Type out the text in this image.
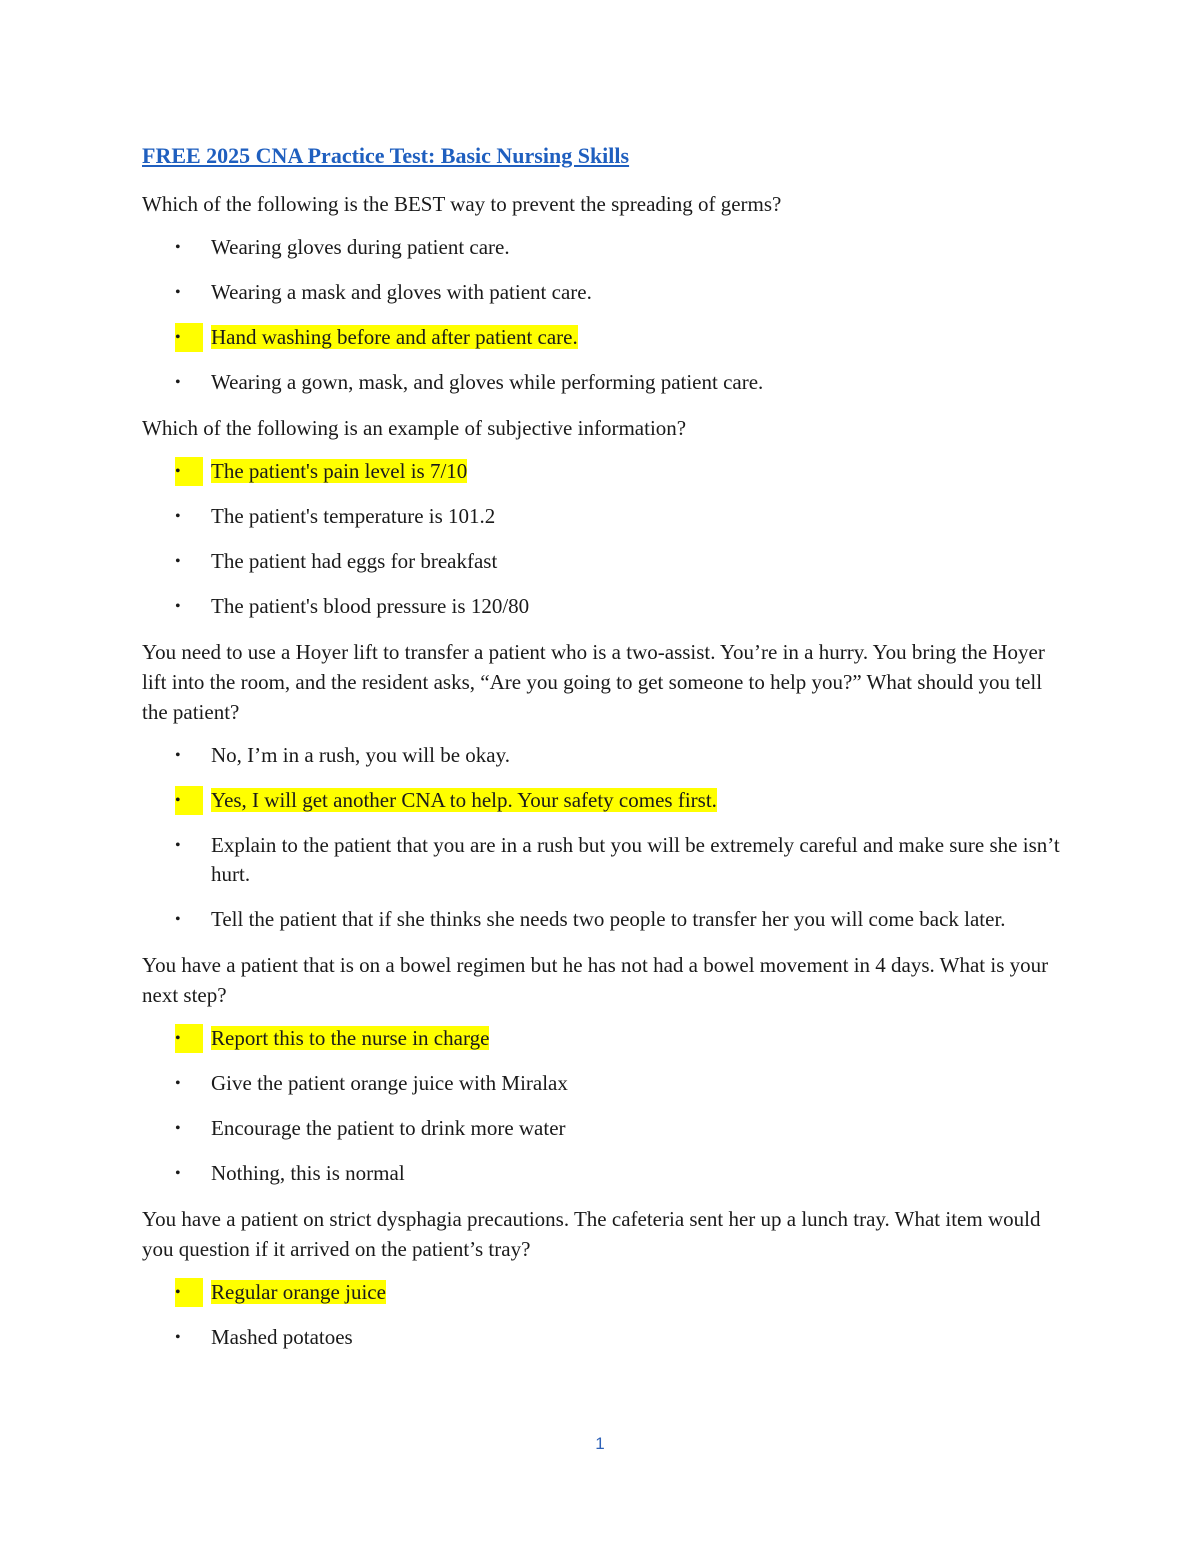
FREE 2025 CNA Practice Test: Basic Nursing Skills
Which of the following is the BEST way to prevent the spreading of germs?
• Wearing gloves during patient care.
• Wearing a mask and gloves with patient care.
•	Hand washing before and after patient care.
• Wearing a gown, mask, and gloves while performing patient care.
Which of the following is an example of subjective information?
•	The patient's pain level is 7/10
• The patient's temperature is 101.2
• The patient had eggs for breakfast
• The patient's blood pressure is 120/80
You need to use a Hoyer lift to transfer a patient who is a two-assist. You’re in a hurry. You bring the Hoyer lift into the room, and the resident asks, “Are you going to get someone to help you?” What should you tell the patient?
• No, I’m in a rush, you will be okay.
•	Yes, I will get another CNA to help. Your safety comes first.
• Explain to the patient that you are in a rush but you will be extremely careful and make sure she isn’t hurt.
• Tell the patient that if she thinks she needs two people to transfer her you will come back later.
You have a patient that is on a bowel regimen but he has not had a bowel movement in 4 days. What is your next step?
•	Report this to the nurse in charge
• Give the patient orange juice with Miralax
• Encourage the patient to drink more water
• Nothing, this is normal
You have a patient on strict dysphagia precautions. The cafeteria sent her up a lunch tray. What item would you question if it arrived on the patient’s tray?
•	Regular orange juice
• Mashed potatoes
1
